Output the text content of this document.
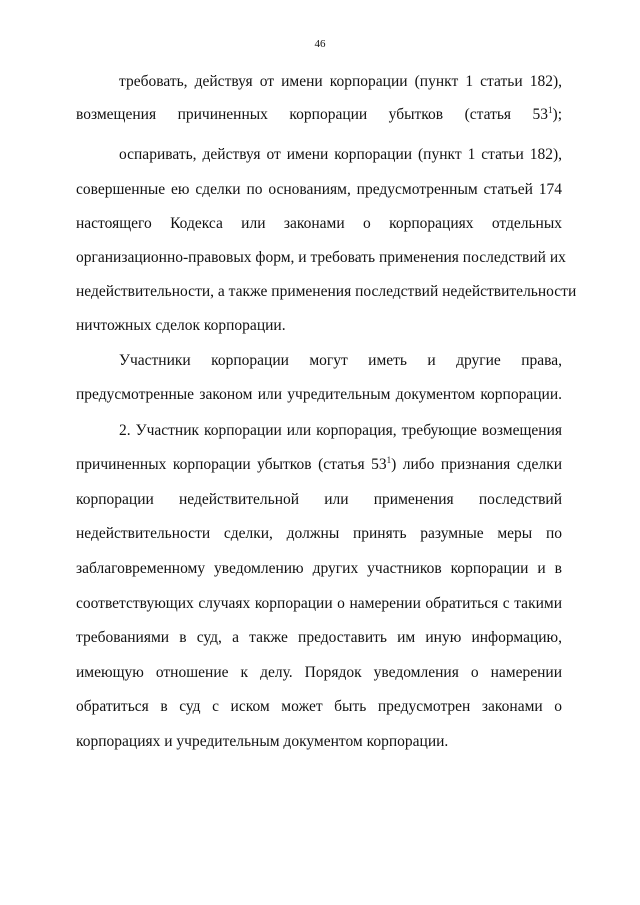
46
требовать, действуя от имени корпорации (пункт 1 статьи 182),
возмещения причиненных корпорации убытков (статья $53^1$);
оспаривать, действуя от имени корпорации (пункт 1 статьи 182),
совершенные ею сделки по основаниям, предусмотренным статьей 174
настоящего Кодекса или законами о корпорациях отдельных
организационно-правовых форм, и требовать применения последствий их
недействительности, а также применения последствий недействительности
ничтожных сделок корпорации.
Участники корпорации могут иметь и другие права,
предусмотренные законом или учредительным документом корпорации.
2. Участник корпорации или корпорация, требующие возмещения
причиненных корпорации убытков (статья $53^1$) либо признания сделки
корпорации недействительной или применения последствий
недействительности сделки, должны принять разумные меры по
заблаговременному уведомлению других участников корпорации и в
соответствующих случаях корпорации о намерении обратиться с такими
требованиями в суд, а также предоставить им иную информацию,
имеющую отношение к делу. Порядок уведомления о намерении
обратиться в суд с иском может быть предусмотрен законами о
корпорациях и учредительным документом корпорации.
